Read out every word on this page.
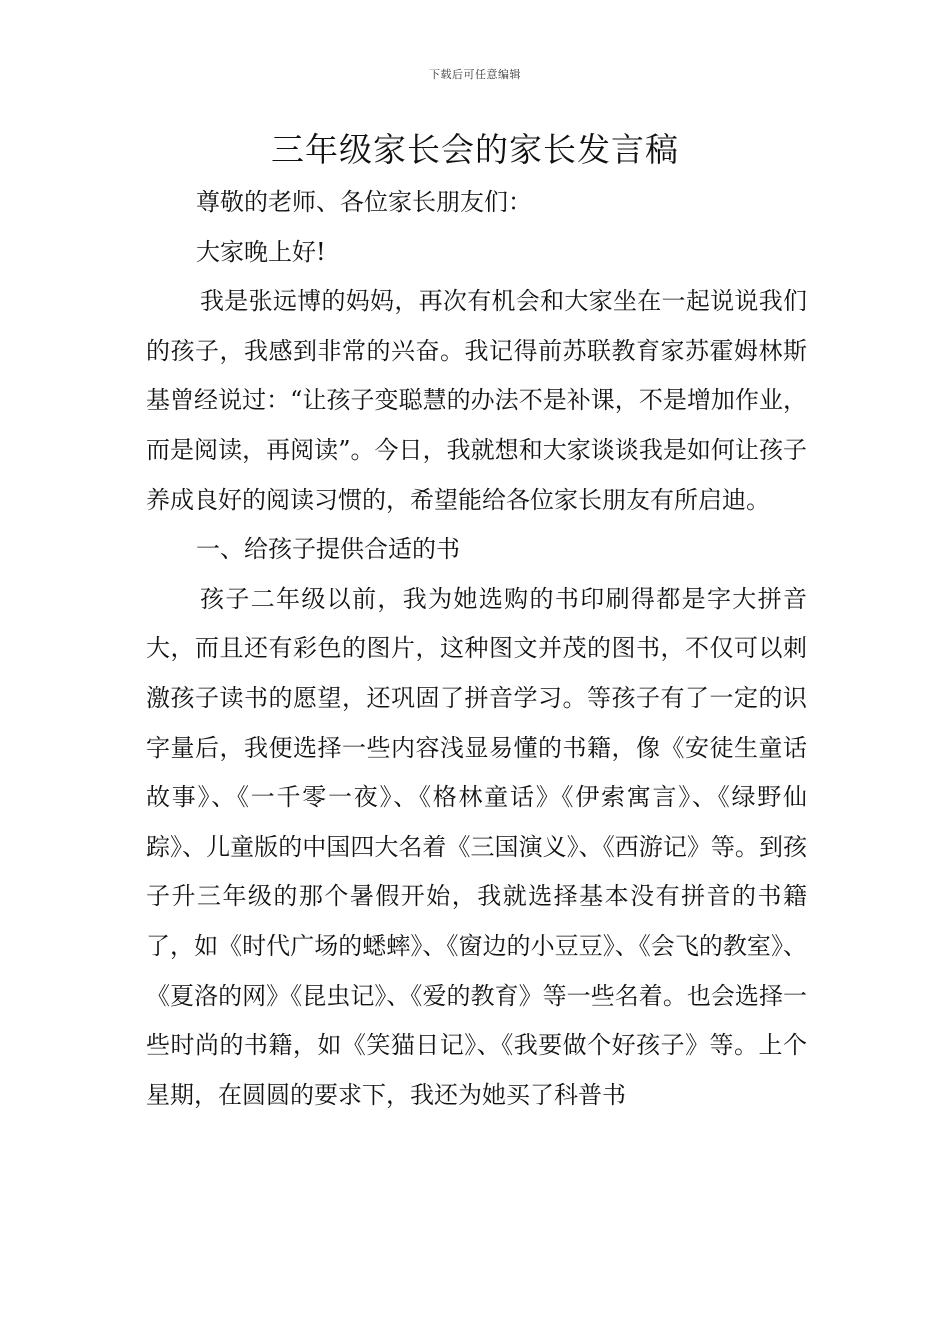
下载后可任意编辑
三年级家长会的家长发言稿

尊敬的老师、各位家长朋友们：

大家晚上好!

我是张远博的妈妈，再次有机会和大家坐在一起说说我们的孩子，我感到非常的兴奋。我记得前苏联教育家苏霍姆林斯基曾经说过：“让孩子变聪慧的办法不是补课，不是增加作业，而是阅读，再阅读”。今日，我就想和大家谈谈我是如何让孩子养成良好的阅读习惯的，希望能给各位家长朋友有所启迪。

一、给孩子提供合适的书

孩子二年级以前，我为她选购的书印刷得都是字大拼音大，而且还有彩色的图片，这种图文并茂的图书，不仅可以刺激孩子读书的愿望，还巩固了拼音学习。等孩子有了一定的识字量后，我便选择一些内容浅显易懂的书籍，像《安徒生童话故事》、《一千零一夜》、《格林童话》《伊索寓言》、《绿野仙踪》、儿童版的中国四大名着《三国演义》、《西游记》等。到孩子升三年级的那个暑假开始，我就选择基本没有拼音的书籍了，如《时代广场的蟋蟀》、《窗边的小豆豆》、《会飞的教室》、《夏洛的网》《昆虫记》、《爱的教育》等一些名着。也会选择一些时尚的书籍，如《笑猫日记》、《我要做个好孩子》等。上个星期，在圆圆的要求下，我还为她买了科普书
